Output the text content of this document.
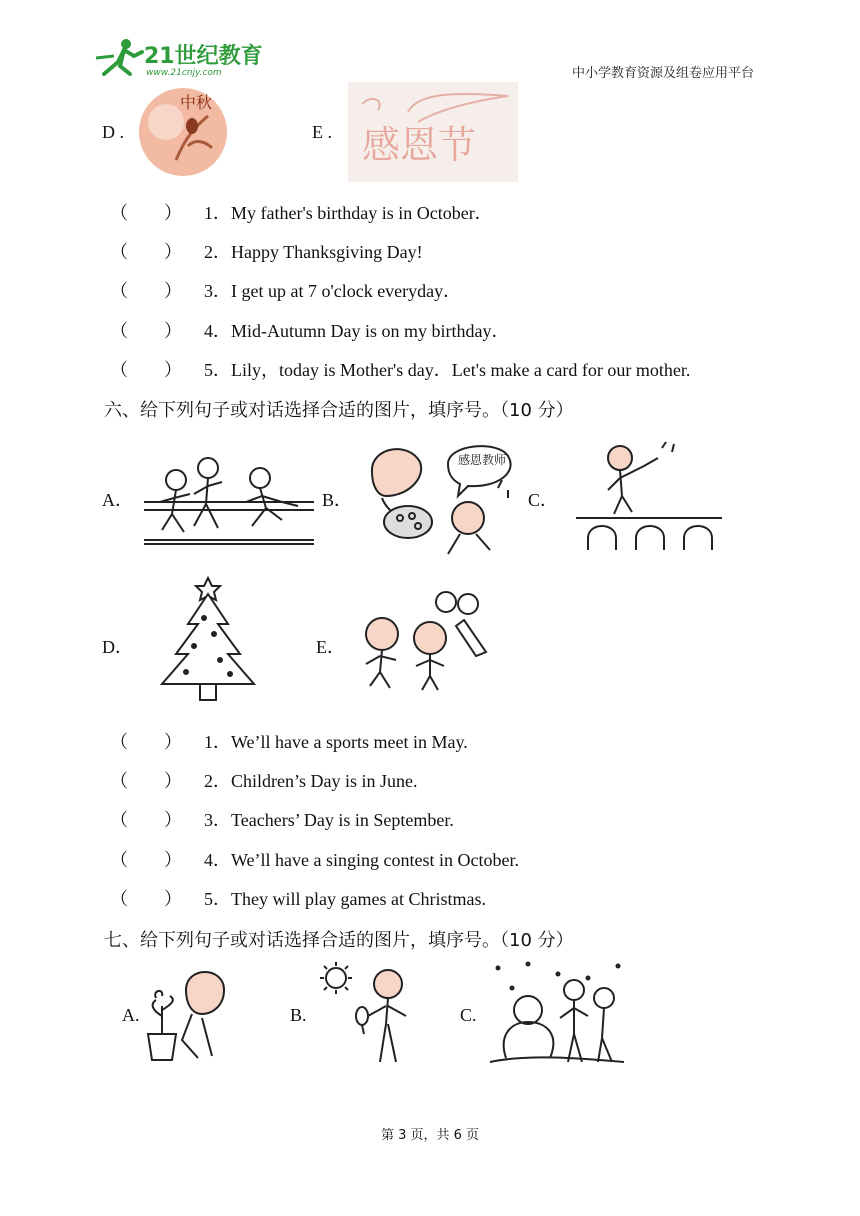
21世纪教育
www.21cnjy.com	中小学教育资源及组卷应用平台
D .
中秋
E . 感恩节
（　　） 1．My father's birthday is in October．
（　　） 2．Happy Thanksgiving Day!
（　　） 3．I get up at 7 o'clock everyday．
（　　） 4．Mid-Autumn Day is on my birthday．
（　　） 5．Lily，today is Mother's day．Let's make a card for our mother.
六、给下列句子或对话选择合适的图片，填序号。（10 分）
A．	B．
感恩教师
C．
D．	E．
（　　） 1．We’ll have a sports meet in May.
（　　） 2．Children’s Day is in June.
（　　） 3．Teachers’ Day is in September.
（　　） 4．We’ll have a singing contest in October.
（　　） 5．They will play games at Christmas.
七、给下列句子或对话选择合适的图片，填序号。（10 分）
A.	B.	C.
第 3 页，共 6 页
